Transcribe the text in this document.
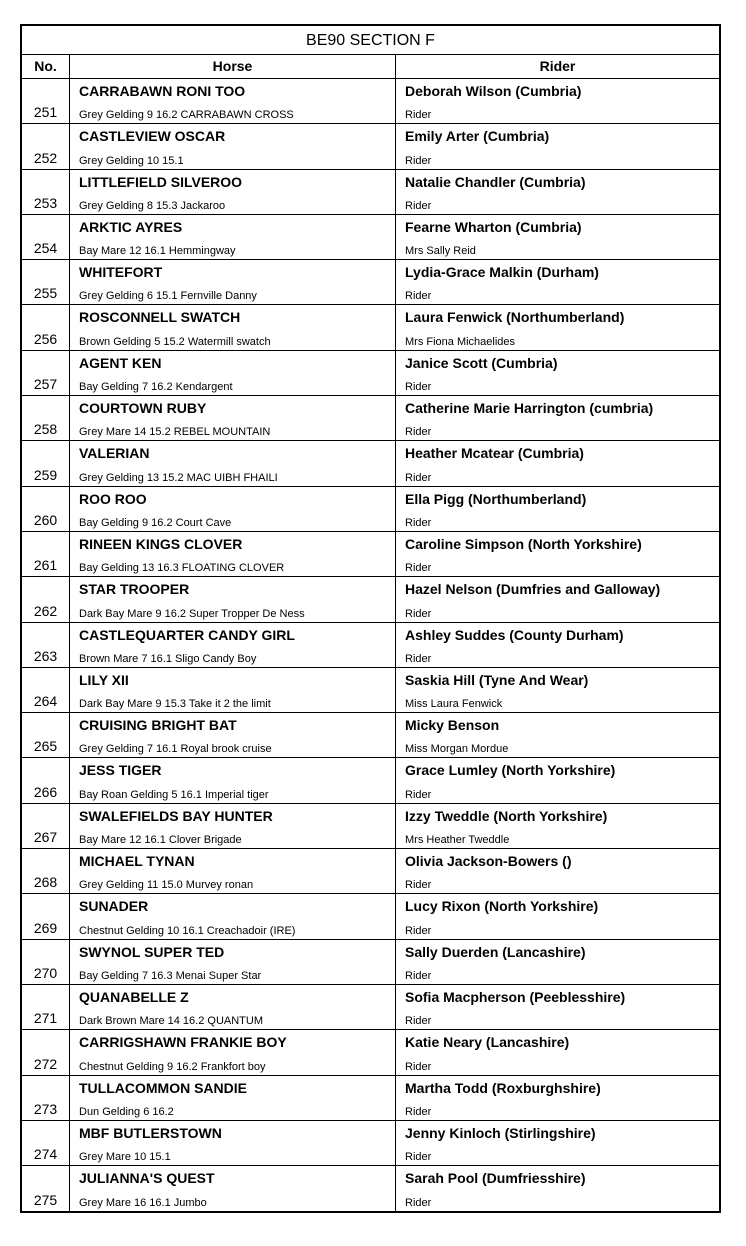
BE90 SECTION F
No.	Horse	Rider
251
CARRABAWN RONI TOO
Grey Gelding 9 16.2 CARRABAWN CROSS
Deborah Wilson (Cumbria)
Rider
252
CASTLEVIEW OSCAR
Grey Gelding 10 15.1
Emily Arter (Cumbria)
Rider
253
LITTLEFIELD SILVEROO
Grey Gelding 8 15.3 Jackaroo
Natalie Chandler (Cumbria)
Rider
254
ARKTIC AYRES
Bay Mare 12 16.1 Hemmingway
Fearne Wharton (Cumbria)
Mrs Sally Reid
255
WHITEFORT
Grey Gelding 6 15.1 Fernville Danny
Lydia-Grace Malkin (Durham)
Rider
256
ROSCONNELL SWATCH
Brown Gelding 5 15.2 Watermill swatch
Laura Fenwick (Northumberland)
Mrs Fiona Michaelides
257
AGENT KEN
Bay Gelding 7 16.2 Kendargent
Janice Scott (Cumbria)
Rider
258
COURTOWN RUBY
Grey Mare 14 15.2 REBEL MOUNTAIN
Catherine Marie Harrington (cumbria)
Rider
259
VALERIAN
Grey Gelding 13 15.2 MAC UIBH FHAILI
Heather Mcatear (Cumbria)
Rider
260
ROO ROO
Bay Gelding 9 16.2 Court Cave
Ella Pigg (Northumberland)
Rider
261
RINEEN KINGS CLOVER
Bay Gelding 13 16.3 FLOATING CLOVER
Caroline Simpson (North Yorkshire)
Rider
262
STAR TROOPER
Dark Bay Mare 9 16.2 Super Tropper De Ness
Hazel Nelson (Dumfries and Galloway)
Rider
263
CASTLEQUARTER CANDY GIRL
Brown Mare 7 16.1 Sligo Candy Boy
Ashley Suddes (County Durham)
Rider
264
LILY XII
Dark Bay Mare 9 15.3 Take it 2 the limit
Saskia Hill (Tyne And Wear)
Miss Laura Fenwick
265
CRUISING BRIGHT BAT
Grey Gelding 7 16.1 Royal brook cruise
Micky Benson
Miss Morgan Mordue
266
JESS TIGER
Bay Roan Gelding 5 16.1 Imperial tiger
Grace Lumley (North Yorkshire)
Rider
267
SWALEFIELDS BAY HUNTER
Bay Mare 12 16.1 Clover Brigade
Izzy Tweddle (North Yorkshire)
Mrs Heather Tweddle
268
MICHAEL TYNAN
Grey Gelding 11 15.0 Murvey ronan
Olivia Jackson-Bowers ()
Rider
269
SUNADER
Chestnut Gelding 10 16.1 Creachadoir (IRE)
Lucy Rixon (North Yorkshire)
Rider
270
SWYNOL SUPER TED
Bay Gelding 7 16.3 Menai Super Star
Sally Duerden (Lancashire)
Rider
271
QUANABELLE Z
Dark Brown Mare 14 16.2 QUANTUM
Sofia Macpherson (Peeblesshire)
Rider
272
CARRIGSHAWN FRANKIE BOY
Chestnut Gelding 9 16.2 Frankfort boy
Katie Neary (Lancashire)
Rider
273
TULLACOMMON SANDIE
Dun Gelding 6 16.2
Martha Todd (Roxburghshire)
Rider
274
MBF BUTLERSTOWN
Grey Mare 10 15.1
Jenny Kinloch (Stirlingshire)
Rider
275
JULIANNA'S QUEST
Grey Mare 16 16.1 Jumbo
Sarah Pool (Dumfriesshire)
Rider
